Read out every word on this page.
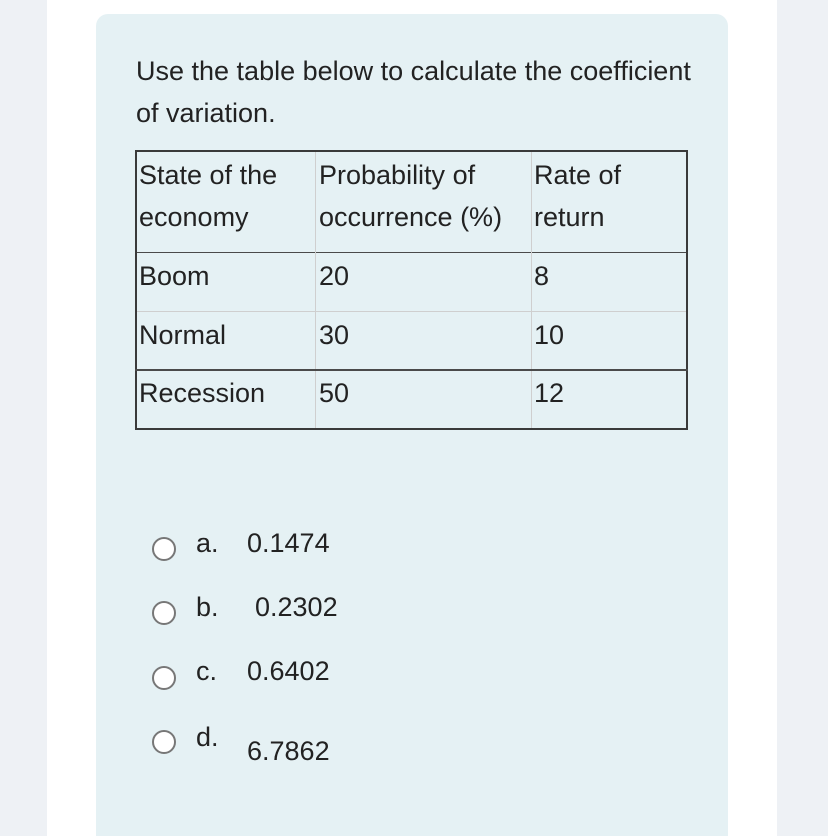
Use the table below to calculate the coefficient of variation.

State of the economy	Probability of occurrence (%)	Rate of return
Boom	20	8
Normal	30	10
Recession	50	12
a. 0.1474
b. 0.2302
c. 0.6402
d. 6.7862
